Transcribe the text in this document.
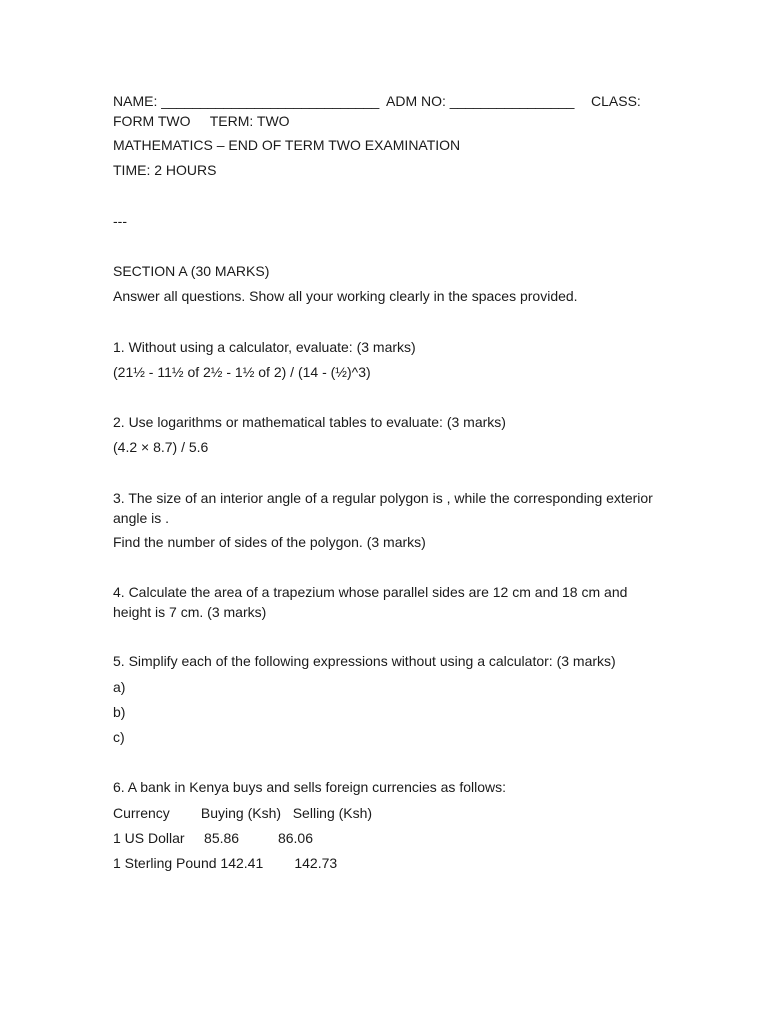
NAME: ____________________________ ADM NO: ________________ CLASS:

FORM TWO     TERM: TWO

MATHEMATICS – END OF TERM TWO EXAMINATION

TIME: 2 HOURS

---

SECTION A (30 MARKS)

Answer all questions. Show all your working clearly in the spaces provided.

1. Without using a calculator, evaluate: (3 marks)

(21½ - 11½ of 2½ - 1½ of 2) / (14 - (½)^3)

2. Use logarithms or mathematical tables to evaluate: (3 marks)

(4.2 × 8.7) / 5.6

3. The size of an interior angle of a regular polygon is , while the corresponding exterior angle is .

Find the number of sides of the polygon. (3 marks)

4. Calculate the area of a trapezium whose parallel sides are 12 cm and 18 cm and height is 7 cm. (3 marks)

5. Simplify each of the following expressions without using a calculator: (3 marks)

a)

b)

c)

6. A bank in Kenya buys and sells foreign currencies as follows:

Currency        Buying (Ksh)   Selling (Ksh)

1 US Dollar     85.86          86.06

1 Sterling Pound 142.41        142.73
